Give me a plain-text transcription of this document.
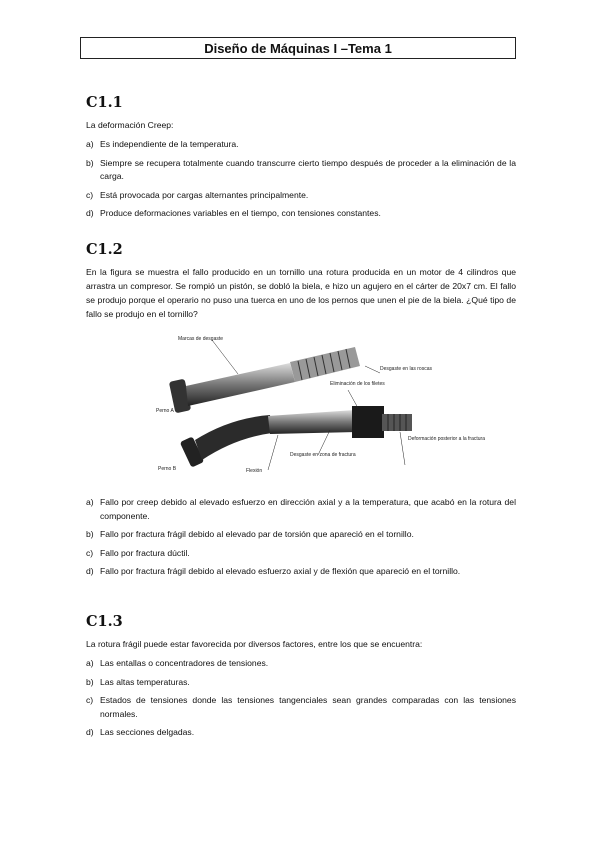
Diseño de Máquinas I –Tema 1
C1.1

La deformación Creep:

a) Es independiente de la temperatura.
b) Siempre se recupera totalmente cuando transcurre cierto tiempo después de proceder a la eliminación de la carga.
c) Está provocada por cargas alternantes principalmente.
d) Produce deformaciones variables en el tiempo, con tensiones constantes.
C1.2

En la figura se muestra el fallo producido en un tornillo una rotura producida en un motor de 4 cilindros que arrastra un compresor. Se rompió un pistón, se dobló la biela, e hizo un agujero en el cárter de 20x7 cm. El fallo se produjo porque el operario no puso una tuerca en uno de los pernos que unen el pie de la biela. ¿Qué tipo de fallo se produjo en el tornillo?

Marcas de desgaste
Desgaste en las roscas
Eliminación de los filetes
Perno A
Perno B
Desgaste en zona de fractura
Deformación posterior a la fractura
Flexión
a) Fallo por creep debido al elevado esfuerzo en dirección axial y a la temperatura, que acabó en la rotura del componente.
b) Fallo por fractura frágil debido al elevado par de torsión que apareció en el tornillo.
c) Fallo por fractura dúctil.
d) Fallo por fractura frágil debido al elevado esfuerzo axial y de flexión que apareció en el tornillo.
C1.3

La rotura frágil puede estar favorecida por diversos factores, entre los que se encuentra:

a) Las entallas o concentradores de tensiones.
b) Las altas temperaturas.
c) Estados de tensiones donde las tensiones tangenciales sean grandes comparadas con las tensiones normales.
d) Las secciones delgadas.
